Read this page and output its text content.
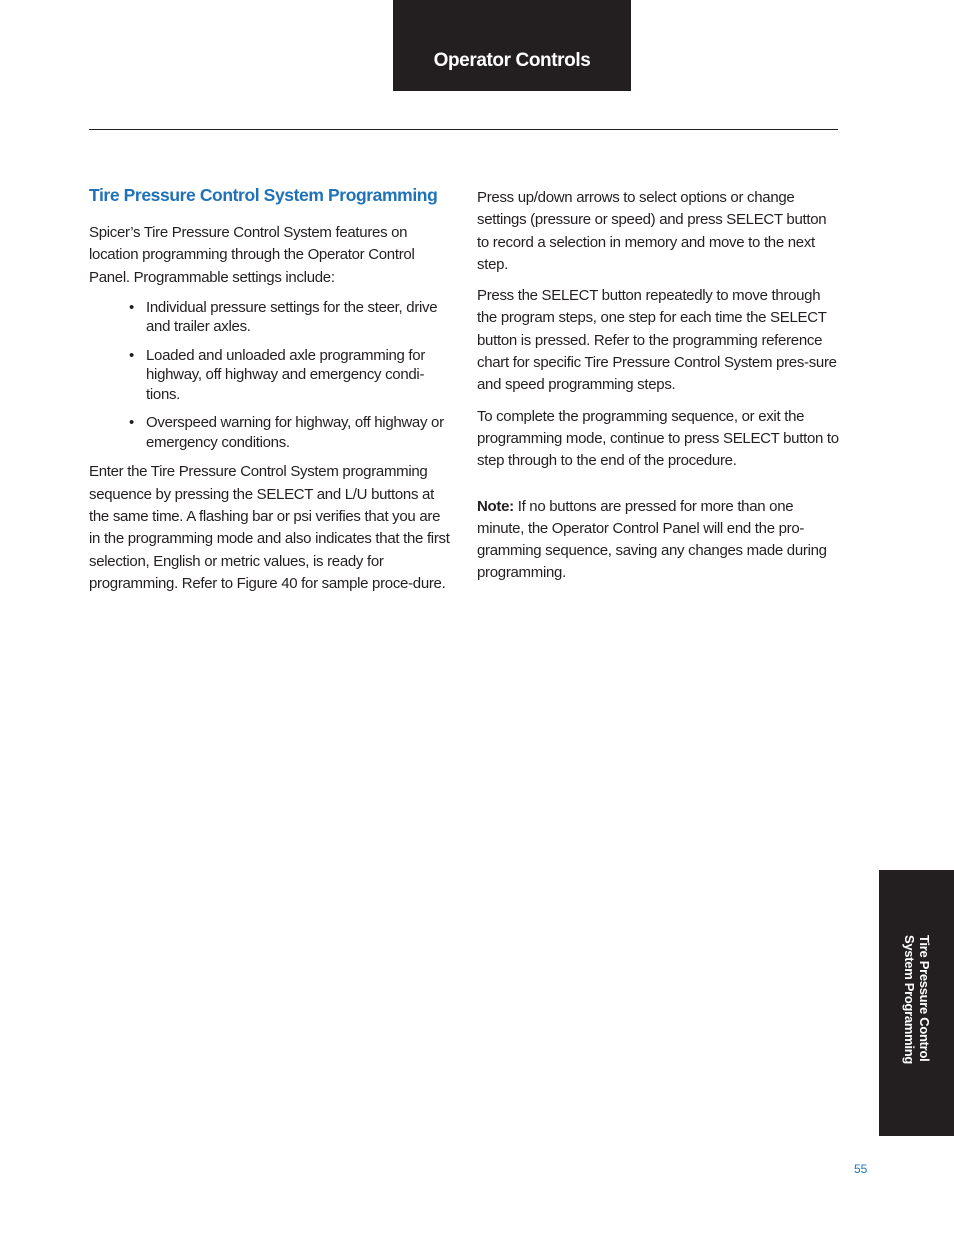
Operator Controls
Tire Pressure Control System Programming

Spicer’s Tire Pressure Control System features on location programming through the Operator Control Panel. Programmable settings include:

• Individual pressure settings for the steer, drive and trailer axles.
• Loaded and unloaded axle programming for highway, off highway and emergency condi-tions.
• Overspeed warning for highway, off highway or emergency conditions.

Enter the Tire Pressure Control System programming sequence by pressing the SELECT and L/U buttons at the same time. A flashing bar or psi verifies that you are in the programming mode and also indicates that the first selection, English or metric values, is ready for programming. Refer to Figure 40 for sample proce-dure.

Press up/down arrows to select options or change settings (pressure or speed) and press SELECT button to record a selection in memory and move to the next step.

Press the SELECT button repeatedly to move through the program steps, one step for each time the SELECT button is pressed. Refer to the programming reference chart for specific Tire Pressure Control System pres-sure and speed programming steps.

To complete the programming sequence, or exit the programming mode, continue to press SELECT button to step through to the end of the procedure.

Note: If no buttons are pressed for more than one minute, the Operator Control Panel will end the pro-gramming sequence, saving any changes made during programming.

Tire Pressure Control
System Programming
55
